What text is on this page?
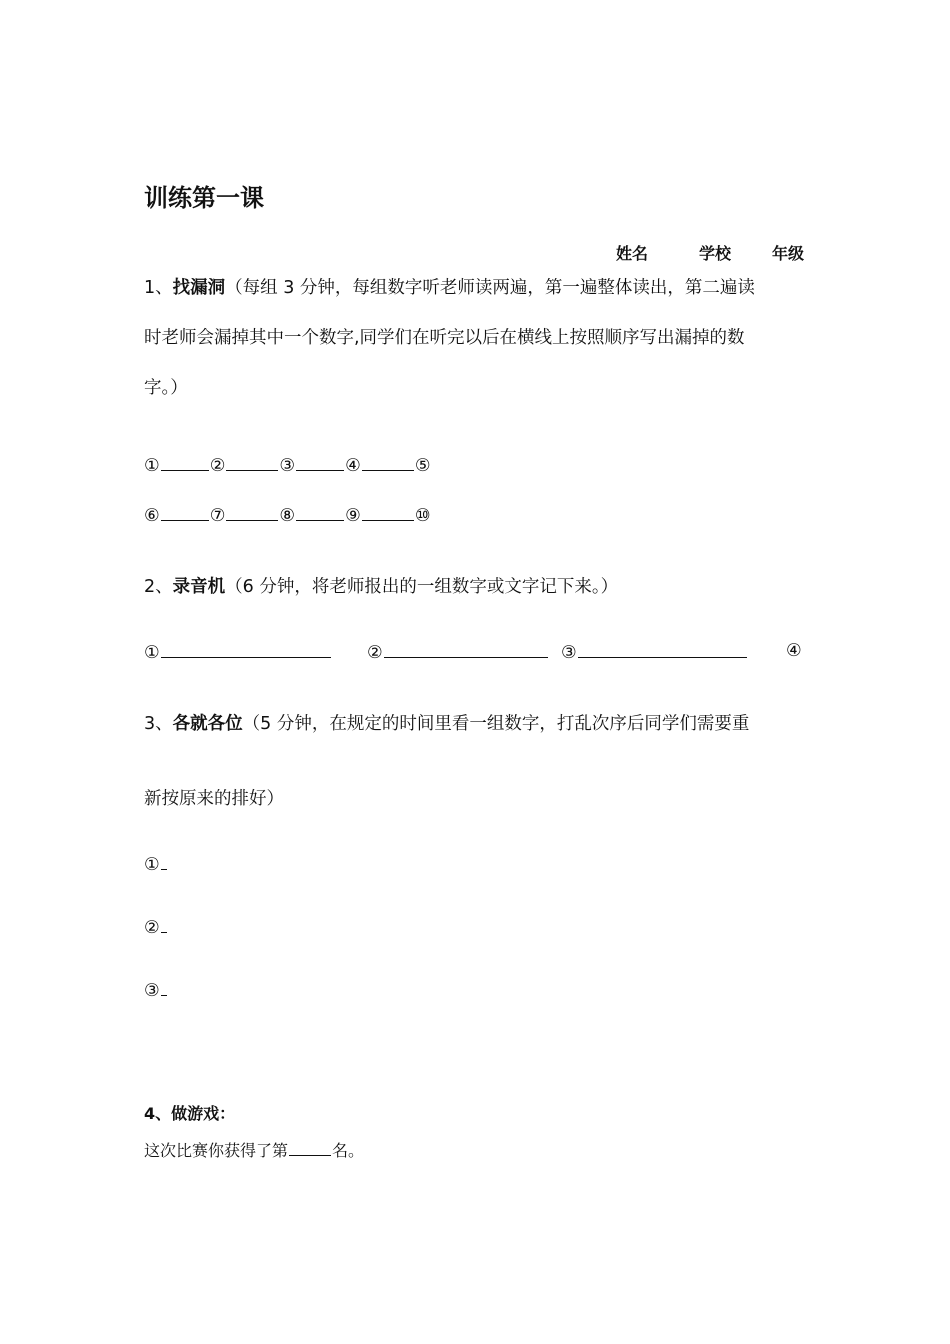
训练第一课
姓名	学校	年级
1、找漏洞（每组 3 分钟，每组数字听老师读两遍，第一遍整体读出，第二遍读
时老师会漏掉其中一个数字,同学们在听完以后在横线上按照顺序写出漏掉的数
字。）
①	②	③	④	⑤
⑥	⑦	⑧	⑨	⑩
2、录音机（6 分钟，将老师报出的一组数字或文字记下来。）
①	②	③	④
3、各就各位（5 分钟，在规定的时间里看一组数字，打乱次序后同学们需要重
新按原来的排好）
①
②
③
4、做游戏：
这次比赛你获得了第	名。
